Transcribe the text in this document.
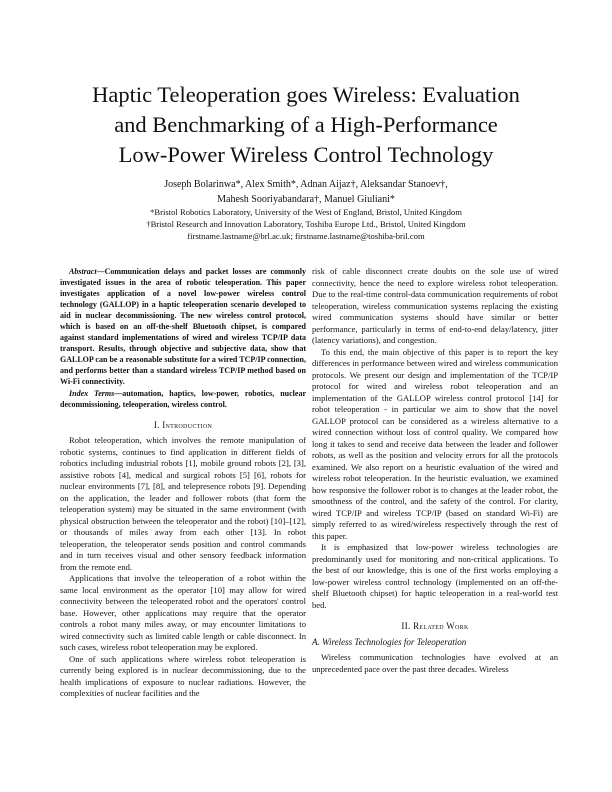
Haptic Teleoperation goes Wireless: Evaluation
and Benchmarking of a High-Performance
Low-Power Wireless Control Technology
Joseph Bolarinwa*, Alex Smith*, Adnan Aijaz†, Aleksandar Stanoev†,
Mahesh Sooriyabandara†, Manuel Giuliani*
*Bristol Robotics Laboratory, University of the West of England, Bristol, United Kingdom
†Bristol Research and Innovation Laboratory, Toshiba Europe Ltd., Bristol, United Kingdom
firstname.lastname@brl.ac.uk; firstname.lastname@toshiba-bril.com

Abstract—Communication delays and packet losses are commonly investigated issues in the area of robotic teleoperation. This paper investigates application of a novel low-power wireless control technology (GALLOP) in a haptic teleoperation scenario developed to aid in nuclear decommissioning. The new wireless control protocol, which is based on an off-the-shelf Bluetooth chipset, is compared against standard implementations of wired and wireless TCP/IP data transport. Results, through objective and subjective data, show that GALLOP can be a reasonable substitute for a wired TCP/IP connection, and performs better than a standard wireless TCP/IP method based on Wi-Fi connectivity.

Index Terms—automation, haptics, low-power, robotics, nuclear decommissioning, teleoperation, wireless control.

I. Introduction

Robot teleoperation, which involves the remote manipulation of robotic systems, continues to find application in different fields of robotics including industrial robots [1], mobile ground robots [2], [3], assistive robots [4], medical and surgical robots [5] [6], robots for nuclear environments [7], [8], and telepresence robots [9]. Depending on the application, the leader and follower robots (that form the teleoperation system) may be situated in the same environment (with physical obstruction between the teleoperator and the robot) [10]–[12], or thousands of miles away from each other [13]. In robot teleoperation, the teleoperator sends position and control commands and in turn receives visual and other sensory feedback information from the remote end.

Applications that involve the teleoperation of a robot within the same local environment as the operator [10] may allow for wired connectivity between the teleoperated robot and the operators' control base. However, other applications may require that the operator controls a robot many miles away, or may encounter limitations to wired connectivity such as limited cable length or cable disconnect. In such cases, wireless robot teleoperation may be explored.

One of such applications where wireless robot teleoperation is currently being explored is in nuclear decommissioning, due to the health implications of exposure to nuclear radiations. However, the complexities of nuclear facilities and the

risk of cable disconnect create doubts on the sole use of wired connectivity, hence the need to explore wireless robot teleoperation. Due to the real-time control-data communication requirements of robot teleoperation, wireless communication systems replacing the existing wired communication systems should have similar or better performance, particularly in terms of end-to-end delay/latency, jitter (latency variations), and congestion.

To this end, the main objective of this paper is to report the key differences in performance between wired and wireless communication protocols. We present our design and implementation of the TCP/IP protocol for wired and wireless robot teleoperation and an implementation of the GALLOP wireless control protocol [14] for robot teleoperation - in particular we aim to show that the novel GALLOP protocol can be considered as a wireless alternative to a wired connection without loss of control quality. We compared how long it takes to send and receive data between the leader and follower robots, as well as the position and velocity errors for all the protocols examined. We also report on a heuristic evaluation of the wired and wireless robot teleoperation. In the heuristic evaluation, we examined how responsive the follower robot is to changes at the leader robot, the smoothness of the control, and the safety of the control. For clarity, wired TCP/IP and wireless TCP/IP (based on standard Wi-Fi) are simply referred to as wired/wireless respectively through the rest of this paper.

It is emphasized that low-power wireless technologies are predominantly used for monitoring and non-critical applications. To the best of our knowledge, this is one of the first works employing a low-power wireless control technology (implemented on an off-the-shelf Bluetooth chipset) for haptic teleoperation in a real-world test bed.

II. Related Work
A. Wireless Technologies for Teleoperation

Wireless communication technologies have evolved at an unprecedented pace over the past three decades. Wireless
